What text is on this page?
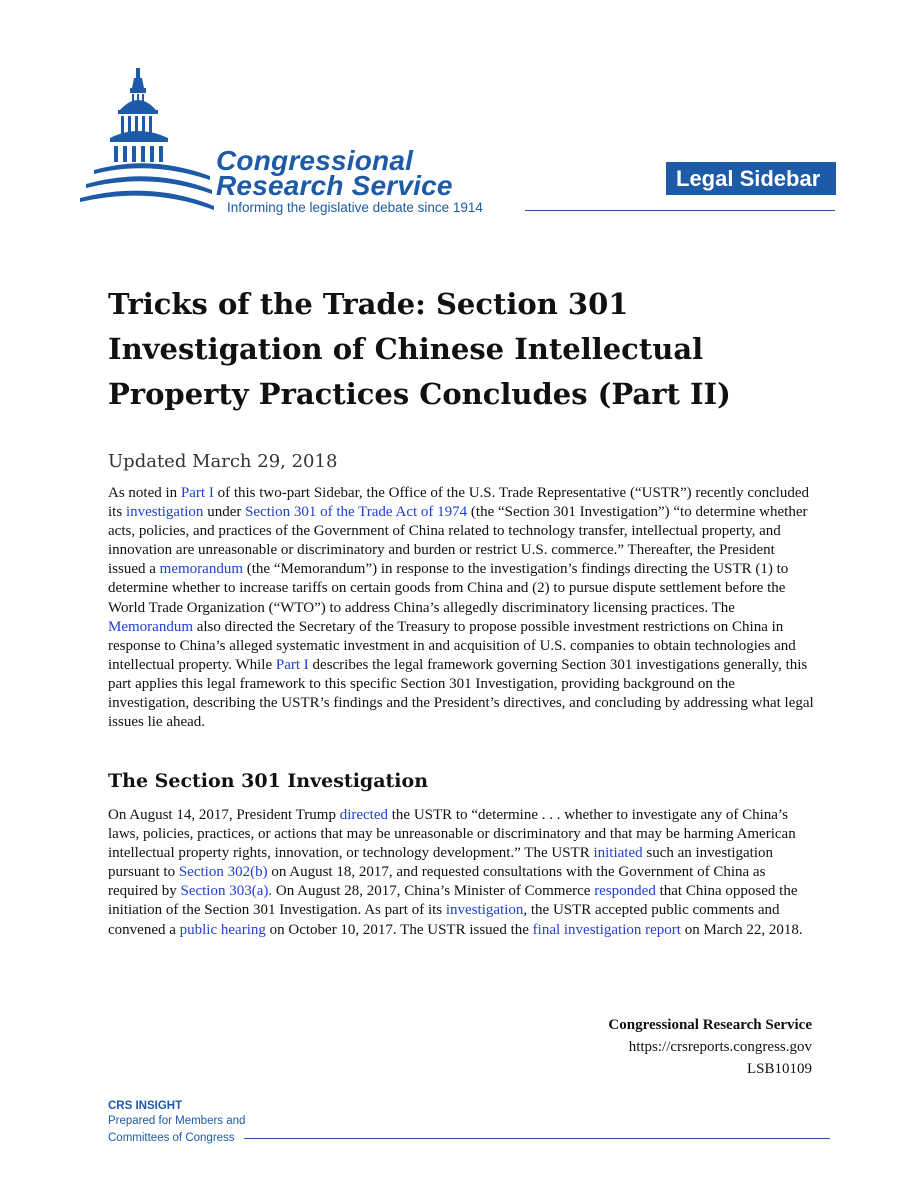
Congressional
Research Service
Informing the legislative debate since 1914
Legal Sidebar
Tricks of the Trade: Section 301 Investigation of Chinese Intellectual Property Practices Concludes (Part II)
Updated March 29, 2018

As noted in Part I of this two-part Sidebar, the Office of the U.S. Trade Representative (“USTR”) recently concluded its investigation under Section 301 of the Trade Act of 1974 (the “Section 301 Investigation”) “to determine whether acts, policies, and practices of the Government of China related to technology transfer, intellectual property, and innovation are unreasonable or discriminatory and burden or restrict U.S. commerce.” Thereafter, the President issued a memorandum (the “Memorandum”) in response to the investigation’s findings directing the USTR (1) to determine whether to increase tariffs on certain goods from China and (2) to pursue dispute settlement before the World Trade Organization (“WTO”) to address China’s allegedly discriminatory licensing practices. The Memorandum also directed the Secretary of the Treasury to propose possible investment restrictions on China in response to China’s alleged systematic investment in and acquisition of U.S. companies to obtain technologies and intellectual property. While Part I describes the legal framework governing Section 301 investigations generally, this part applies this legal framework to this specific Section 301 Investigation, providing background on the investigation, describing the USTR’s findings and the President’s directives, and concluding by addressing what legal issues lie ahead.

The Section 301 Investigation

On August 14, 2017, President Trump directed the USTR to “determine . . . whether to investigate any of China’s laws, policies, practices, or actions that may be unreasonable or discriminatory and that may be harming American intellectual property rights, innovation, or technology development.” The USTR initiated such an investigation pursuant to Section 302(b) on August 18, 2017, and requested consultations with the Government of China as required by Section 303(a). On August 28, 2017, China’s Minister of Commerce responded that China opposed the initiation of the Section 301 Investigation. As part of its investigation, the USTR accepted public comments and convened a public hearing on October 10, 2017. The USTR issued the final investigation report on March 22, 2018.

Congressional Research Service
https://crsreports.congress.gov
LSB10109
CRS INSIGHT
Prepared for Members and
Committees of Congress
